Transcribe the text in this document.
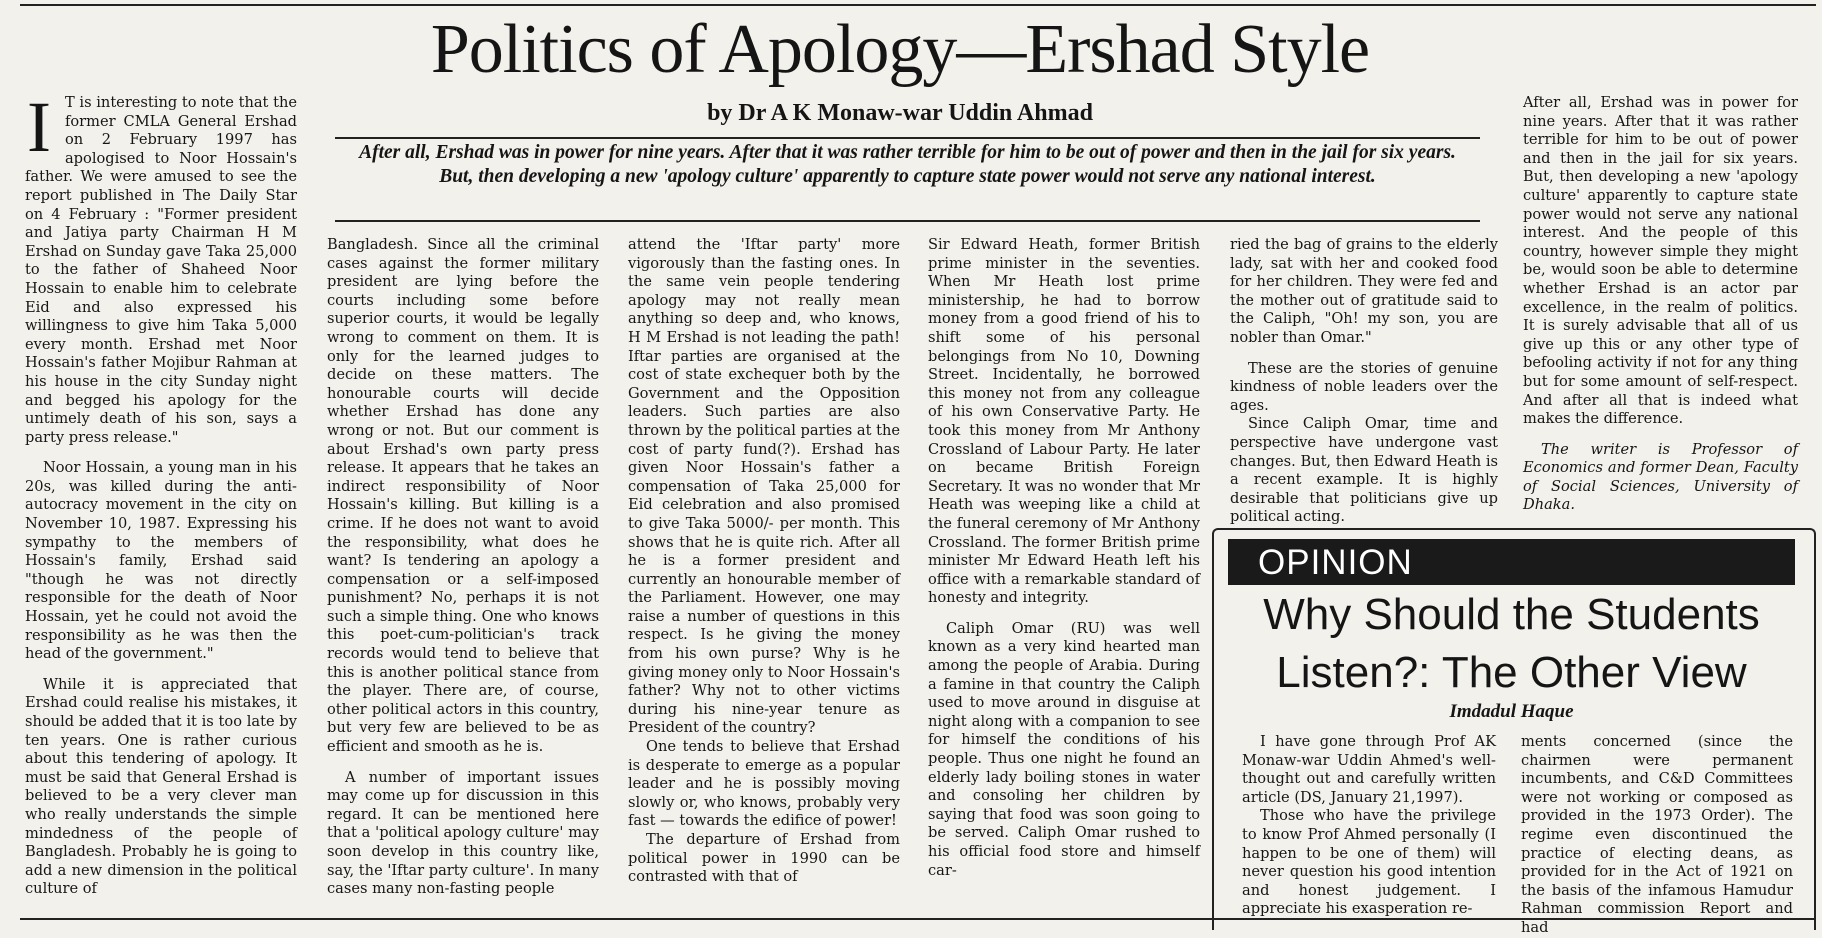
Politics of Apology—Ershad Style
by Dr A K Monaw-war Uddin Ahmad

After all, Ershad was in power for nine years. After that it was rather terrible for him to be out of power and then in the jail for six years. But, then developing a new 'apology culture' apparently to capture state power would not serve any national interest.

I T is interesting to note that the former CMLA General Ershad on 2 February 1997 has apologised to Noor Hossain's father. We were amused to see the report published in The Daily Star on 4 February : "Former president and Jatiya party Chairman H M Ershad on Sunday gave Taka 25,000 to the father of Shaheed Noor Hossain to enable him to celebrate Eid and also expressed his willingness to give him Taka 5,000 every month. Ershad met Noor Hossain's father Mojibur Rahman at his house in the city Sunday night and begged his apology for the untimely death of his son, says a party press release."

Noor Hossain, a young man in his 20s, was killed during the anti-autocracy movement in the city on November 10, 1987. Expressing his sympathy to the members of Hossain's family, Ershad said "though he was not directly responsible for the death of Noor Hossain, yet he could not avoid the responsibility as he was then the head of the government."

While it is appreciated that Ershad could realise his mistakes, it should be added that it is too late by ten years. One is rather curious about this tendering of apology. It must be said that General Ershad is believed to be a very clever man who really understands the simple mindedness of the people of Bangladesh. Probably he is going to add a new dimension in the political culture of

Bangladesh. Since all the criminal cases against the former military president are lying before the courts including some before superior courts, it would be legally wrong to comment on them. It is only for the learned judges to decide on these matters. The honourable courts will decide whether Ershad has done any wrong or not. But our comment is about Ershad's own party press release. It appears that he takes an indirect responsibility of Noor Hossain's killing. But killing is a crime. If he does not want to avoid the responsibility, what does he want? Is tendering an apology a compensation or a self-imposed punishment? No, perhaps it is not such a simple thing. One who knows this poet-cum-politician's track records would tend to believe that this is another political stance from the player. There are, of course, other political actors in this country, but very few are believed to be as efficient and smooth as he is.

A number of important issues may come up for discussion in this regard. It can be mentioned here that a 'political apology culture' may soon develop in this country like, say, the 'Iftar party culture'. In many cases many non-fasting people

attend the 'Iftar party' more vigorously than the fasting ones. In the same vein people tendering apology may not really mean anything so deep and, who knows, H M Ershad is not leading the path! Iftar parties are organised at the cost of state exchequer both by the Government and the Opposition leaders. Such parties are also thrown by the political parties at the cost of party fund(?). Ershad has given Noor Hossain's father a compensation of Taka 25,000 for Eid celebration and also promised to give Taka 5000/- per month. This shows that he is quite rich. After all he is a former president and currently an honourable member of the Parliament. However, one may raise a number of questions in this respect. Is he giving the money from his own purse? Why is he giving money only to Noor Hossain's father? Why not to other victims during his nine-year tenure as President of the country?

One tends to believe that Ershad is desperate to emerge as a popular leader and he is possibly moving slowly or, who knows, probably very fast — towards the edifice of power!

The departure of Ershad from political power in 1990 can be contrasted with that of

Sir Edward Heath, former British prime minister in the seventies. When Mr Heath lost prime ministership, he had to borrow money from a good friend of his to shift some of his personal belongings from No 10, Downing Street. Incidentally, he borrowed this money not from any colleague of his own Conservative Party. He took this money from Mr Anthony Crossland of Labour Party. He later on became British Foreign Secretary. It was no wonder that Mr Heath was weeping like a child at the funeral ceremony of Mr Anthony Crossland. The former British prime minister Mr Edward Heath left his office with a remarkable standard of honesty and integrity.

Caliph Omar (RU) was well known as a very kind hearted man among the people of Arabia. During a famine in that country the Caliph used to move around in disguise at night along with a companion to see for himself the conditions of his people. Thus one night he found an elderly lady boiling stones in water and consoling her children by saying that food was soon going to be served. Caliph Omar rushed to his official food store and himself car-

ried the bag of grains to the elderly lady, sat with her and cooked food for her children. They were fed and the mother out of gratitude said to the Caliph, "Oh! my son, you are nobler than Omar."

These are the stories of genuine kindness of noble leaders over the ages.

Since Caliph Omar, time and perspective have undergone vast changes. But, then Edward Heath is a recent example. It is highly desirable that politicians give up political acting.

After all, Ershad was in power for nine years. After that it was rather terrible for him to be out of power and then in the jail for six years. But, then developing a new 'apology culture' apparently to capture state power would not serve any national interest. And the people of this country, however simple they might be, would soon be able to determine whether Ershad is an actor par excellence, in the realm of politics. It is surely advisable that all of us give up this or any other type of befooling activity if not for any thing but for some amount of self-respect. And after all that is indeed what makes the difference.

The writer is Professor of Economics and former Dean, Faculty of Social Sciences, University of Dhaka.

OPINION
Why Should the Students Listen?: The Other View
Imdadul Haque

I have gone through Prof AK Monaw-war Uddin Ahmed's well-thought out and carefully written article (DS, January 21,1997).

Those who have the privilege to know Prof Ahmed personally (I happen to be one of them) will never question his good intention and honest judgement. I appreciate his exasperation re-

ments concerned (since the chairmen were permanent incumbents, and C&D Committees were not working or composed as provided in the 1973 Order). The regime even discontinued the practice of electing deans, as provided for in the Act of 1921 on the basis of the infamous Hamudur Rahman commission Report and had
